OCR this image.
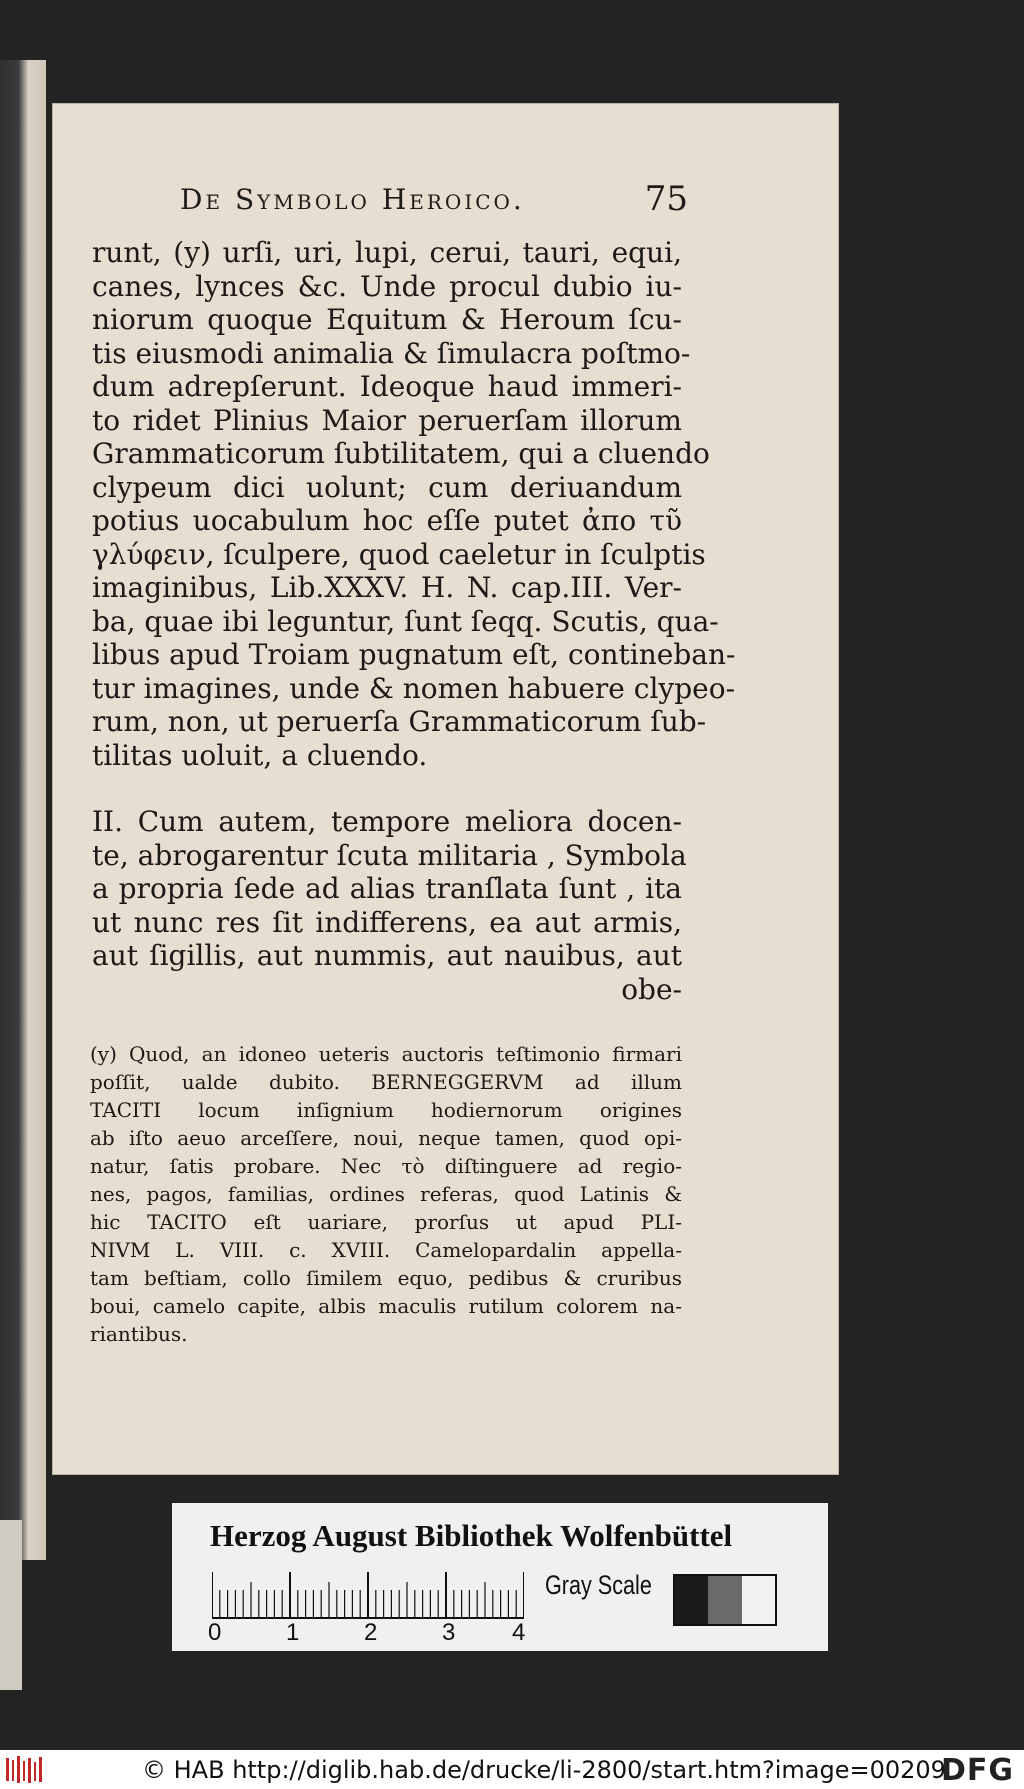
De Symbolo Heroico.	75
runt, (y) urſi, uri, lupi, cerui, tauri, equi,
canes, lynces &c. Unde procul dubio iu-
niorum quoque Equitum & Heroum ſcu-
tis eiusmodi animalia & ſimulacra poſtmo-
dum adrepſerunt. Ideoque haud immeri-
to ridet Plinius Maior peruerſam illorum
Grammaticorum ſubtilitatem, qui a cluendo
clypeum dici uolunt; cum deriuandum
potius uocabulum hoc eſſe putet ἀπο τῦ
γλύφειν, ſculpere, quod caeletur in ſculptis
imaginibus, Lib.XXXV. H. N. cap.III. Ver-
ba, quae ibi leguntur, ſunt ſeqq. Scutis, qua-
libus apud Troiam pugnatum eſt, contineban-
tur imagines, unde & nomen habuere clypeo-
rum, non, ut peruerſa Grammaticorum ſub-
tilitas uoluit, a cluendo.
II. Cum autem, tempore meliora docen-
te, abrogarentur ſcuta militaria , Symbola
a propria ſede ad alias tranſlata ſunt , ita
ut nunc res ſit indifferens, ea aut armis,
aut ſigillis, aut nummis, aut nauibus, aut
obe-
(y) Quod, an idoneo ueteris auctoris teſtimonio firmari
poſſit, ualde dubito. BERNEGGERVM ad illum
TACITI locum inſignium hodiernorum origines
ab iſto aeuo arceſſere, noui, neque tamen, quod opi-
natur, ſatis probare. Nec τὸ diſtinguere ad regio-
nes, pagos, familias, ordines referas, quod Latinis &
hic TACITO eſt uariare, prorſus ut apud PLI-
NIVM L. VIII. c. XVIII. Camelopardalin appella-
tam beſtiam, collo ſimilem equo, pedibus & cruribus
boui, camelo capite, albis maculis rutilum colorem na-
riantibus.
Herzog August Bibliothek Wolfenbüttel
0	1	2	3 4
Gray Scale
© HAB http://diglib.hab.de/drucke/li-2800/start.htm?image=00209
DFG
